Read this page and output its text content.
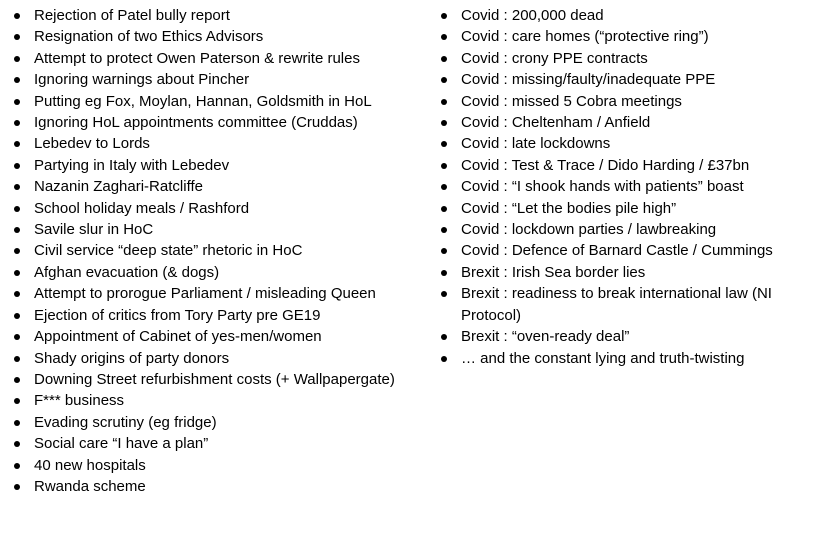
Rejection of Patel bully report
Resignation of two Ethics Advisors
Attempt to protect Owen Paterson & rewrite rules
Ignoring warnings about Pincher
Putting eg Fox, Moylan, Hannan, Goldsmith in HoL
Ignoring HoL appointments committee (Cruddas)
Lebedev to Lords
Partying in Italy with Lebedev
Nazanin Zaghari-Ratcliffe
School holiday meals / Rashford
Savile slur in HoC
Civil service “deep state” rhetoric in HoC
Afghan evacuation (& dogs)
Attempt to prorogue Parliament / misleading Queen
Ejection of critics from Tory Party pre GE19
Appointment of Cabinet of yes-men/women
Shady origins of party donors
Downing Street refurbishment costs (+ Wallpapergate)
F*** business
Evading scrutiny (eg fridge)
Social care “I have a plan”
40 new hospitals
Rwanda scheme
Covid : 200,000 dead
Covid : care homes (“protective ring”)
Covid : crony PPE contracts
Covid : missing/faulty/inadequate PPE
Covid : missed 5 Cobra meetings
Covid : Cheltenham / Anfield
Covid : late lockdowns
Covid : Test & Trace / Dido Harding / £37bn
Covid : “I shook hands with patients” boast
Covid : “Let the bodies pile high”
Covid : lockdown parties / lawbreaking
Covid : Defence of Barnard Castle / Cummings
Brexit : Irish Sea border lies
Brexit : readiness to break international law (NI Protocol)
Brexit : “oven-ready deal”
… and the constant lying and truth-twisting
